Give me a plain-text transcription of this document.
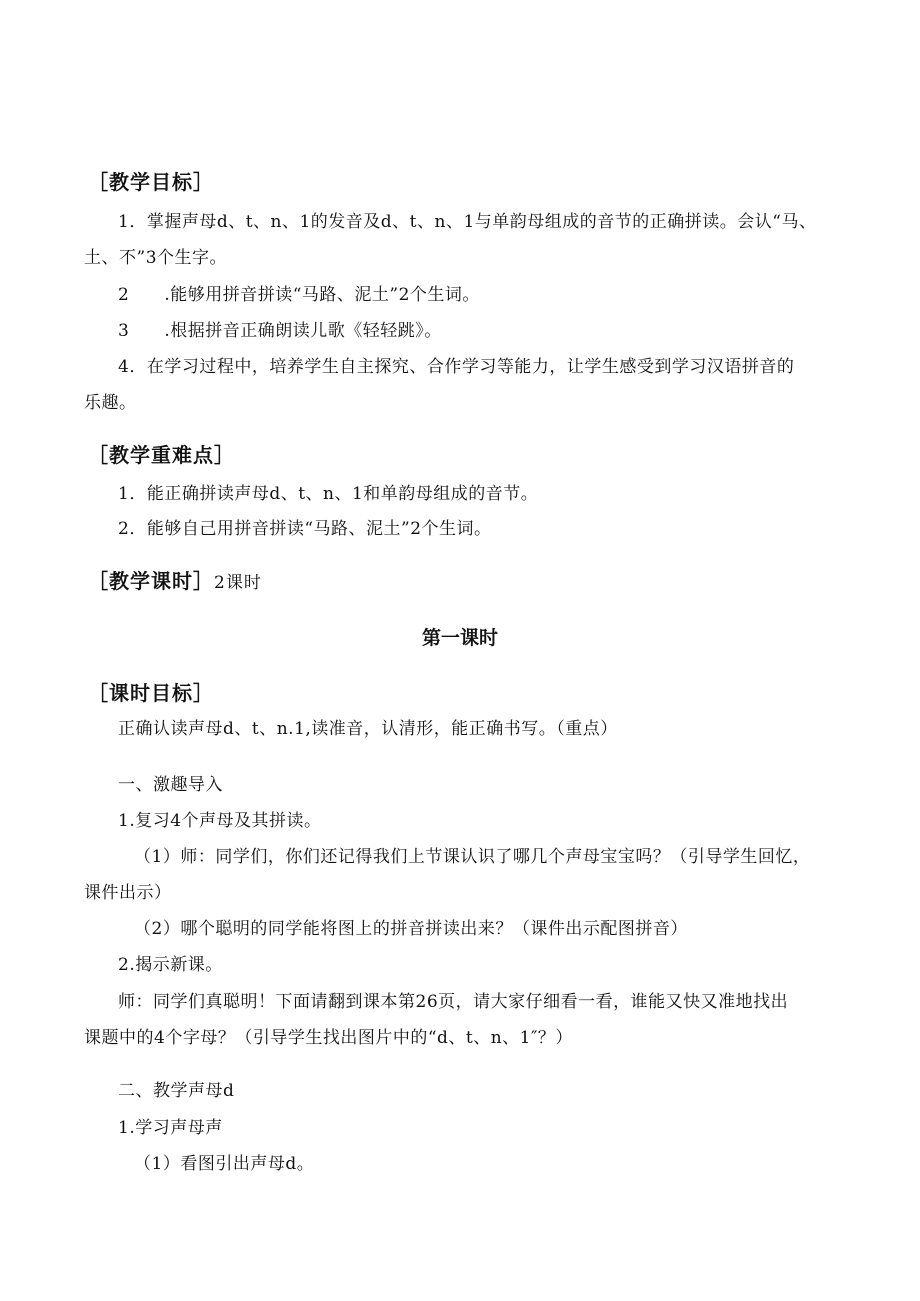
［教学目标］
1．掌握声母d、t、n、1的发音及d、t、n、1与单韵母组成的音节的正确拼读。会认“马、
土、不”3个生字。
2　　.能够用拼音拼读“马路、泥土”2个生词。
3　　.根据拼音正确朗读儿歌《轻轻跳》。
4．在学习过程中，培养学生自主探究、合作学习等能力，让学生感受到学习汉语拼音的
乐趣。
［教学重难点］
1．能正确拼读声母d、t、n、1和单韵母组成的音节。
2．能够自己用拼音拼读“马路、泥土”2个生词。
［教学课时］2课时
第一课时
［课时目标］
正确认读声母d、t、n.1,读准音，认清形，能正确书写。（重点）
一、激趣导入
1.复习4个声母及其拼读。
（1）师：同学们，你们还记得我们上节课认识了哪几个声母宝宝吗？（引导学生回忆，
课件出示）
（2）哪个聪明的同学能将图上的拼音拼读出来？（课件出示配图拼音）
2.揭示新课。
师：同学们真聪明！下面请翻到课本第26页，请大家仔细看一看，谁能又快又准地找出
课题中的4个字母？（引导学生找出图片中的“d、t、n、1″？）
二、教学声母d
1.学习声母声
（1）看图引出声母d。
